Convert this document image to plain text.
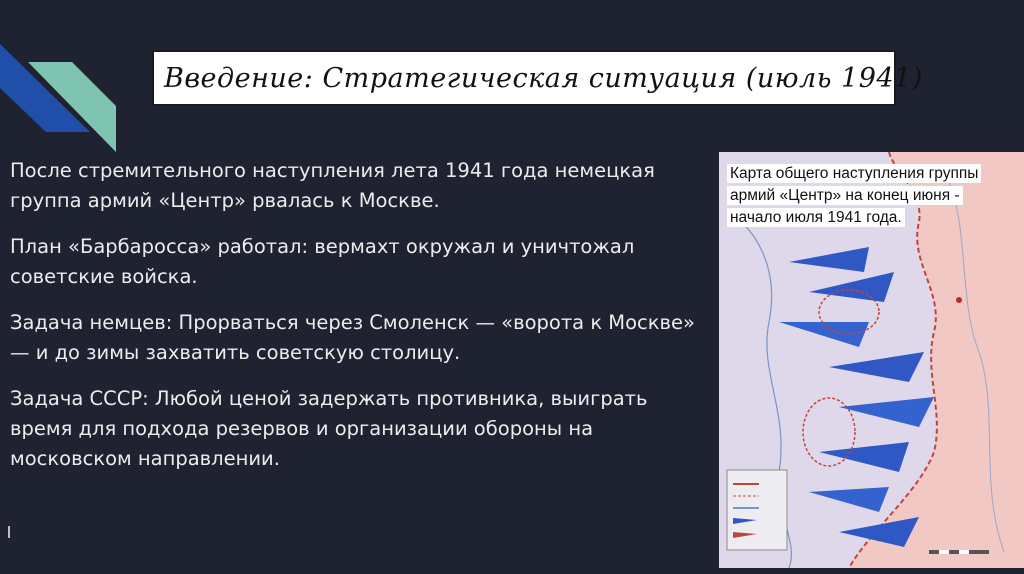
Введение: Стратегическая ситуация (июль 1941)

После стремительного наступления лета 1941 года немецкая группа армий «Центр» рвалась к Москве.

План «Барбаросса» работал: вермахт окружал и уничтожал советские войска.

Задача немцев: Прорваться через Смоленск — «ворота к Москве» — и до зимы захватить советскую столицу.

Задача СССР: Любой ценой задержать противника, выиграть время для подхода резервов и организации обороны на московском направлении.

Карта общего наступления группы армий «Центр» на конец июня - начало июля 1941 года.
